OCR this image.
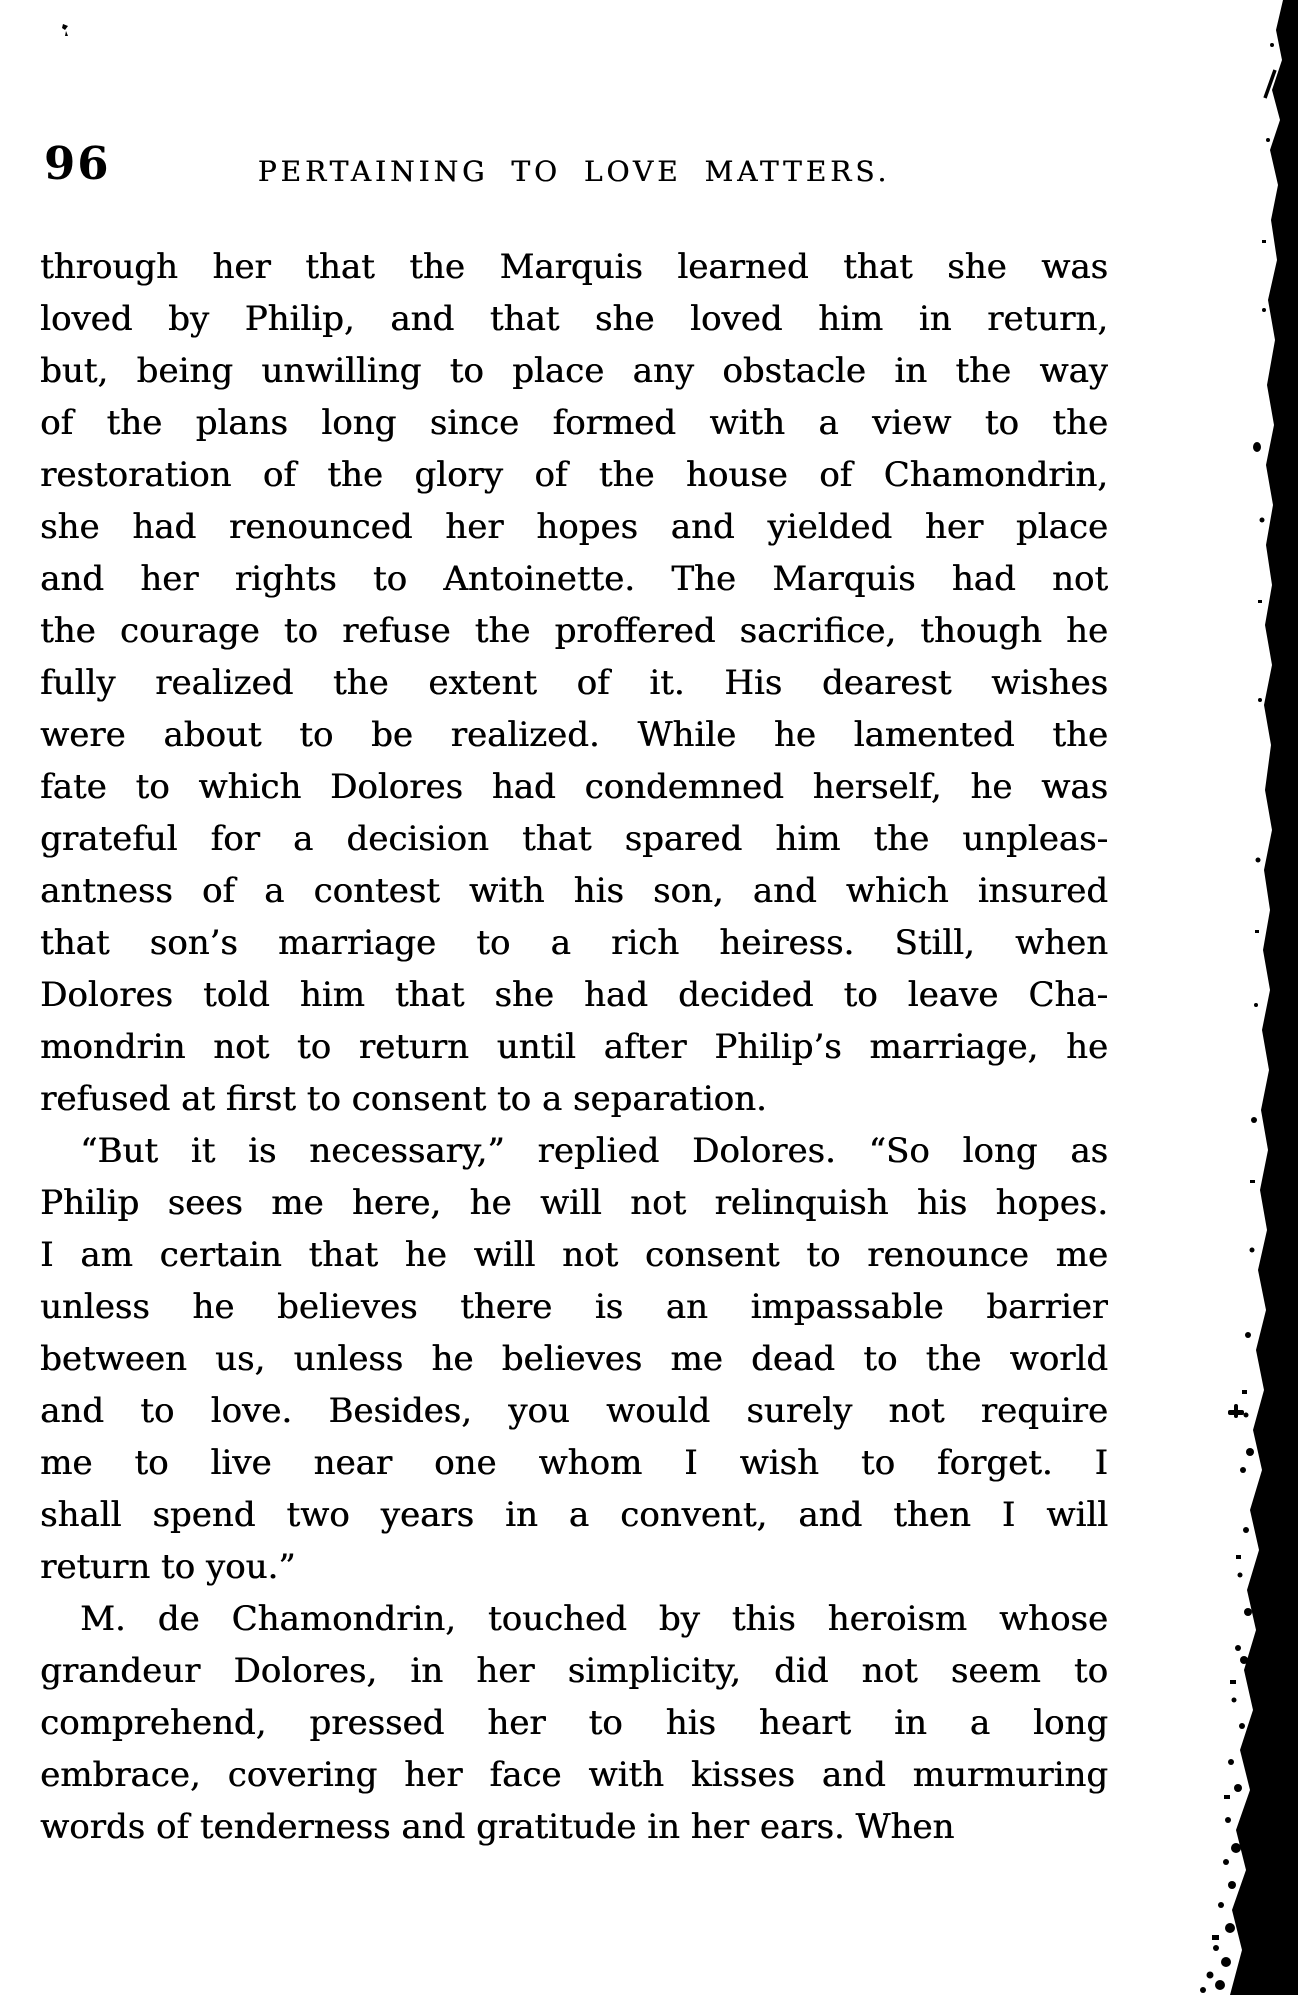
96	PERTAINING TO LOVE MATTERS.
through her that the Marquis learned that she was
loved by Philip, and that she loved him in return,
but, being unwilling to place any obstacle in the way
of the plans long since formed with a view to the
restoration of the glory of the house of Chamondrin,
she had renounced her hopes and yielded her place
and her rights to Antoinette. The Marquis had not
the courage to refuse the proffered sacrifice, though he
fully realized the extent of it. His dearest wishes
were about to be realized. While he lamented the
fate to which Dolores had condemned herself, he was
grateful for a decision that spared him the unpleas-
antness of a contest with his son, and which insured
that son’s marriage to a rich heiress. Still, when
Dolores told him that she had decided to leave Cha-
mondrin not to return until after Philip’s marriage, he
refused at first to consent to a separation.
“But it is necessary,” replied Dolores. “So long as
Philip sees me here, he will not relinquish his hopes.
I am certain that he will not consent to renounce me
unless he believes there is an impassable barrier
between us, unless he believes me dead to the world
and to love. Besides, you would surely not require
me to live near one whom I wish to forget. I
shall spend two years in a convent, and then I will
return to you.”
M. de Chamondrin, touched by this heroism whose
grandeur Dolores, in her simplicity, did not seem to
comprehend, pressed her to his heart in a long
embrace, covering her face with kisses and murmuring
words of tenderness and gratitude in her ears. When
